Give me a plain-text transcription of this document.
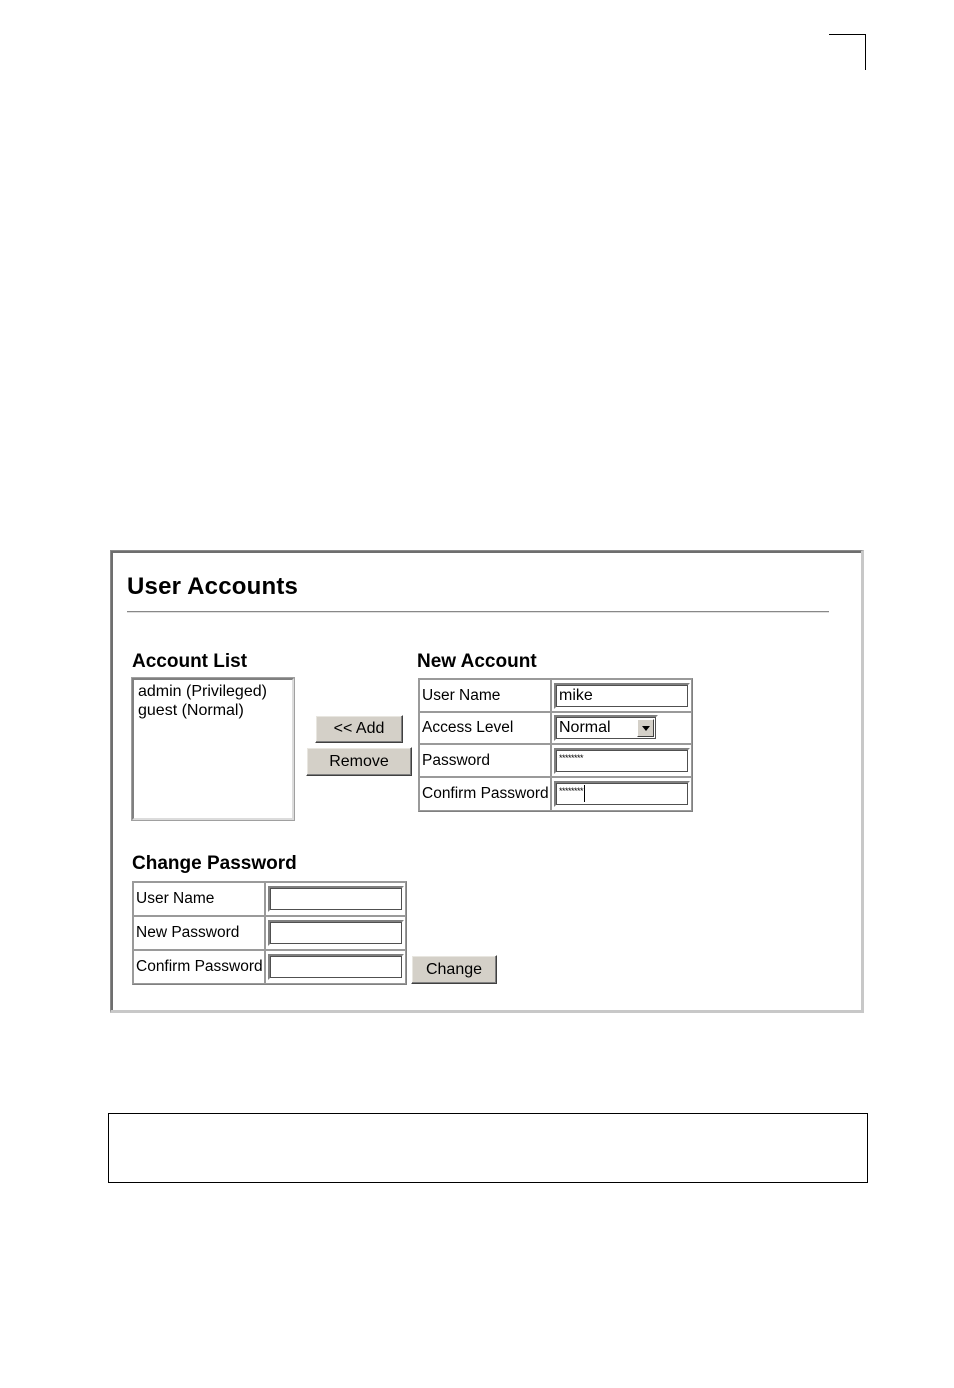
User Accounts
Account List
admin (Privileged)
guest (Normal)
<< Add
Remove
New Account
User Name	mike

Access Level	Normal

Password	********

Confirm Password	********
Change Password
User Name	

New Password	

Confirm Password		Change
